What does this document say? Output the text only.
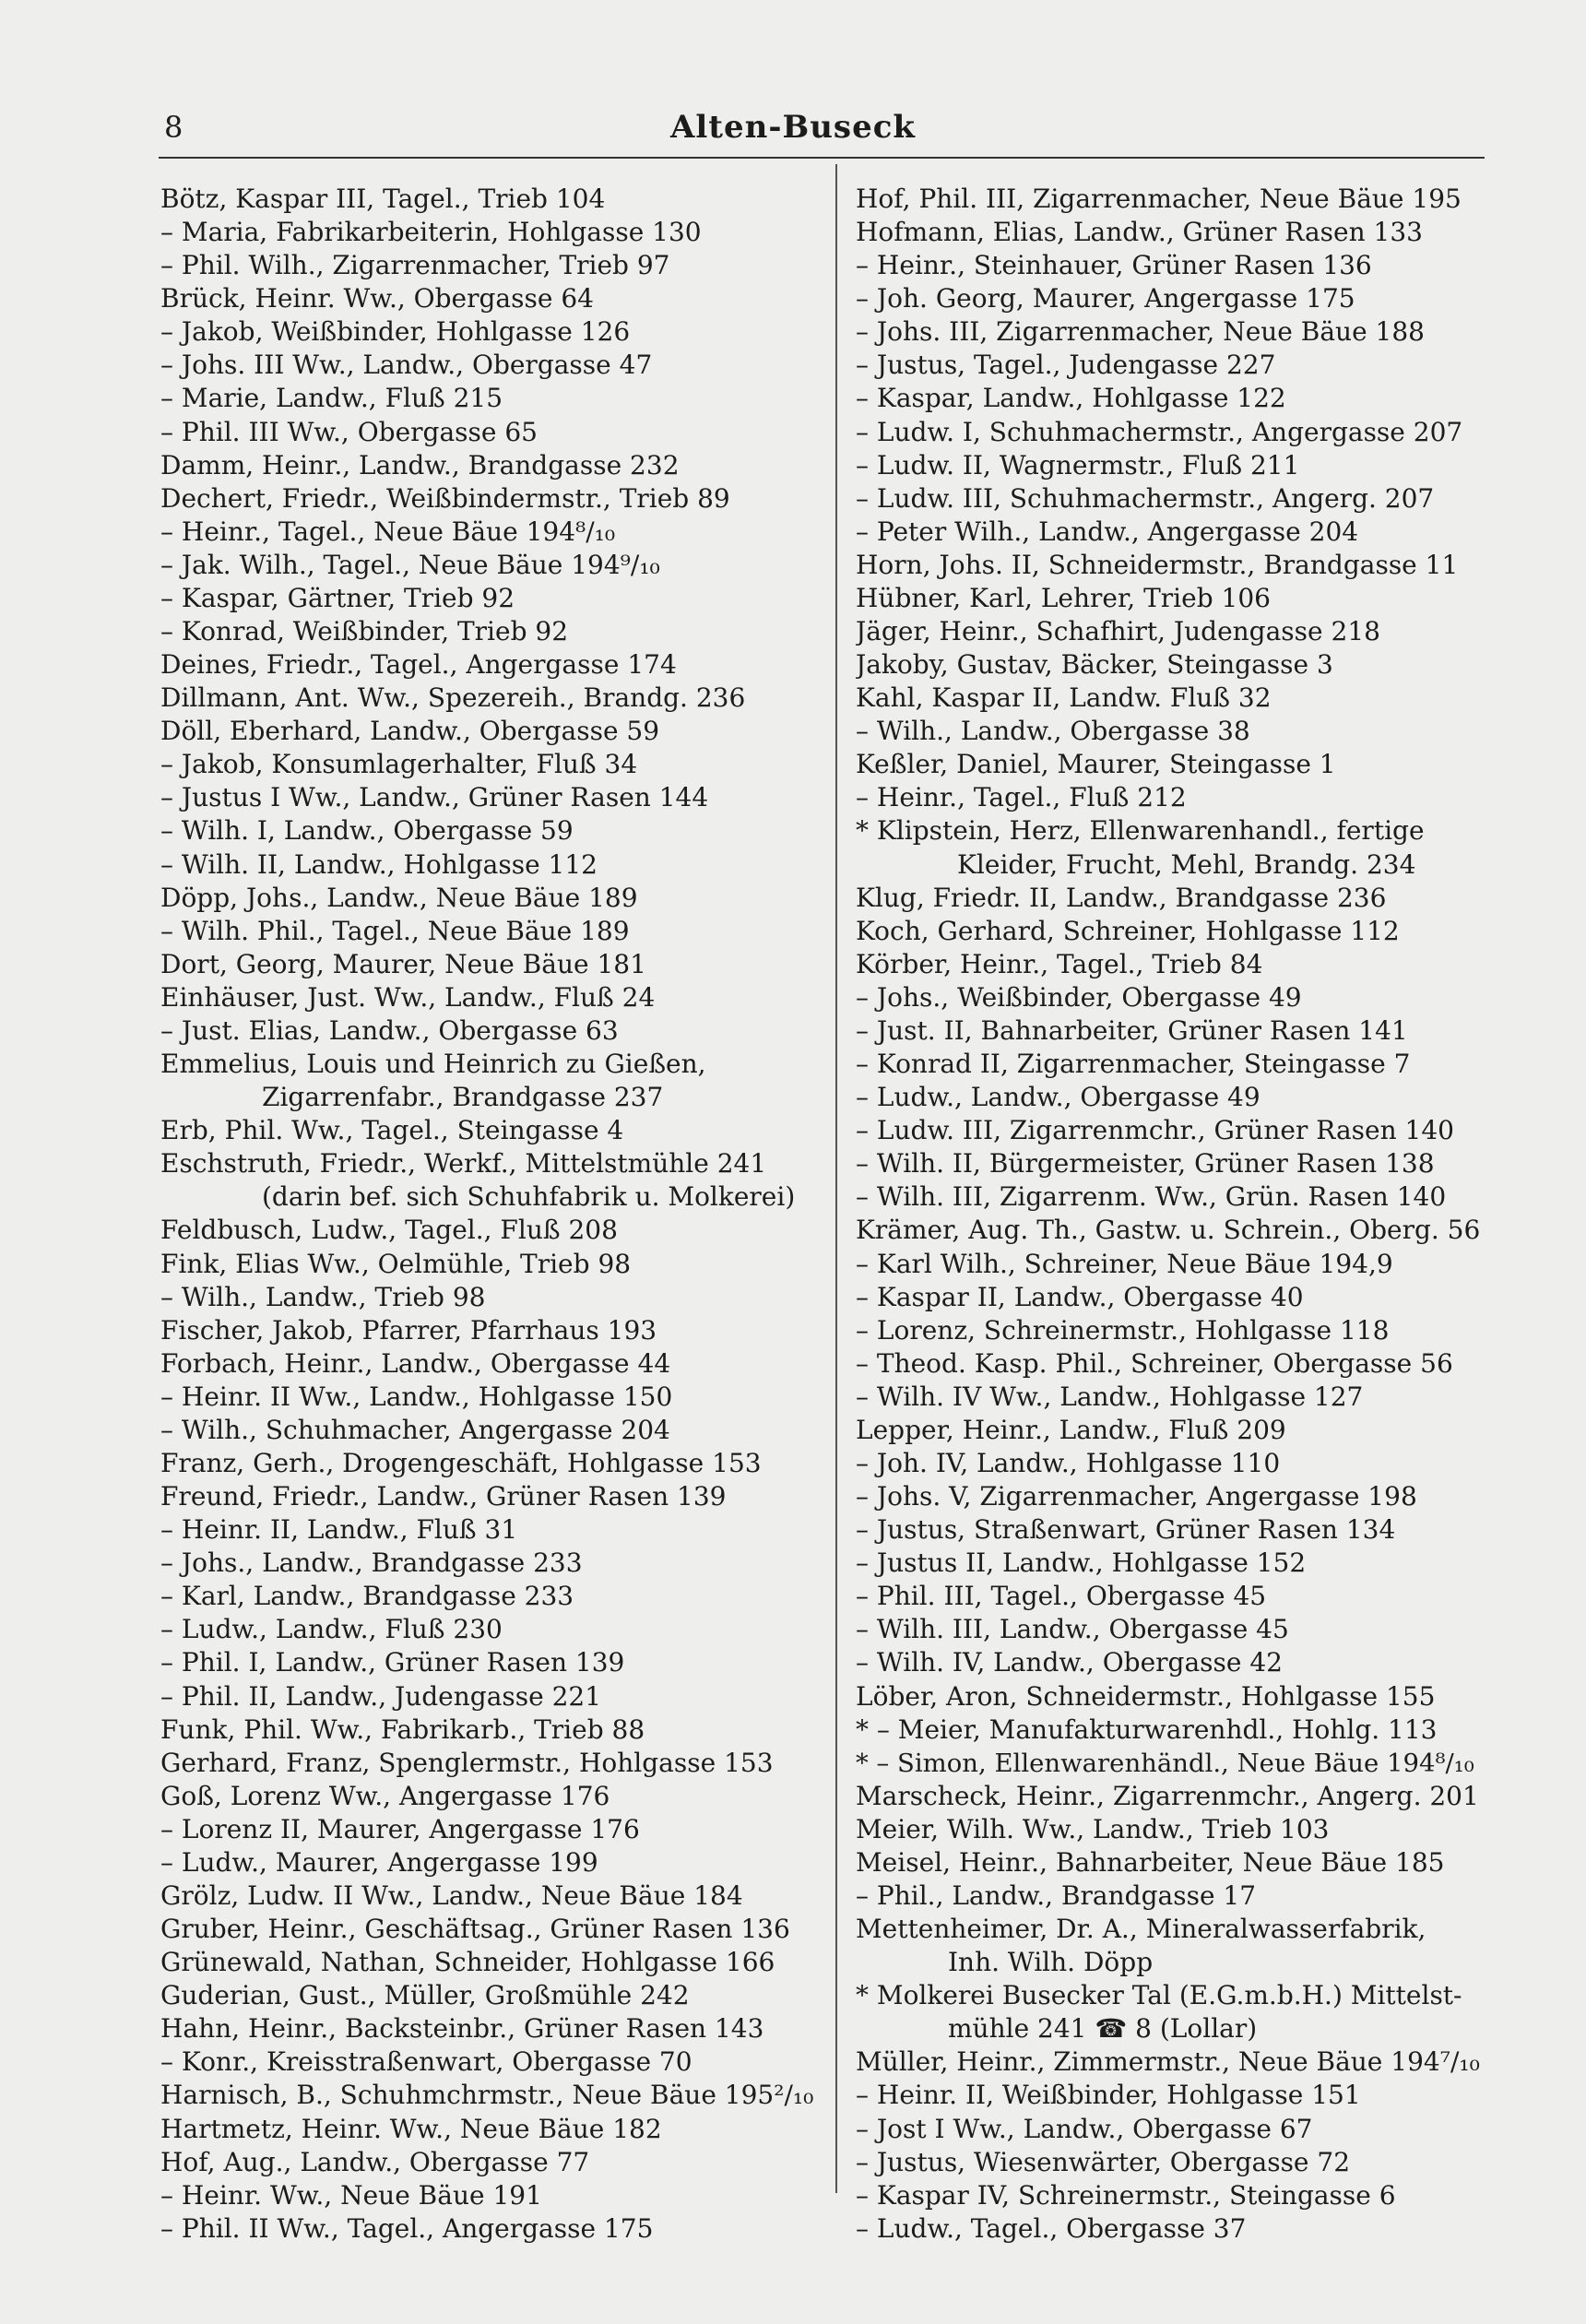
8	Alten-Buseck
Bötz, Kaspar III, Tagel., Trieb 104
– Maria, Fabrikarbeiterin, Hohlgasse 130
– Phil. Wilh., Zigarrenmacher, Trieb 97
Brück, Heinr. Ww., Obergasse 64
– Jakob, Weißbinder, Hohlgasse 126
– Johs. III Ww., Landw., Obergasse 47
– Marie, Landw., Fluß 215
– Phil. III Ww., Obergasse 65
Damm, Heinr., Landw., Brandgasse 232
Dechert, Friedr., Weißbindermstr., Trieb 89
– Heinr., Tagel., Neue Bäue 194⁸/₁₀
– Jak. Wilh., Tagel., Neue Bäue 194⁹/₁₀
– Kaspar, Gärtner, Trieb 92
– Konrad, Weißbinder, Trieb 92
Deines, Friedr., Tagel., Angergasse 174
Dillmann, Ant. Ww., Spezereih., Brandg. 236
Döll, Eberhard, Landw., Obergasse 59
– Jakob, Konsumlagerhalter, Fluß 34
– Justus I Ww., Landw., Grüner Rasen 144
– Wilh. I, Landw., Obergasse 59
– Wilh. II, Landw., Hohlgasse 112
Döpp, Johs., Landw., Neue Bäue 189
– Wilh. Phil., Tagel., Neue Bäue 189
Dort, Georg, Maurer, Neue Bäue 181
Einhäuser, Just. Ww., Landw., Fluß 24
– Just. Elias, Landw., Obergasse 63
Emmelius, Louis und Heinrich zu Gießen,
Zigarrenfabr., Brandgasse 237
Erb, Phil. Ww., Tagel., Steingasse 4
Eschstruth, Friedr., Werkf., Mittelstmühle 241
(darin bef. sich Schuhfabrik u. Molkerei)
Feldbusch, Ludw., Tagel., Fluß 208
Fink, Elias Ww., Oelmühle, Trieb 98
– Wilh., Landw., Trieb 98
Fischer, Jakob, Pfarrer, Pfarrhaus 193
Forbach, Heinr., Landw., Obergasse 44
– Heinr. II Ww., Landw., Hohlgasse 150
– Wilh., Schuhmacher, Angergasse 204
Franz, Gerh., Drogengeschäft, Hohlgasse 153
Freund, Friedr., Landw., Grüner Rasen 139
– Heinr. II, Landw., Fluß 31
– Johs., Landw., Brandgasse 233
– Karl, Landw., Brandgasse 233
– Ludw., Landw., Fluß 230
– Phil. I, Landw., Grüner Rasen 139
– Phil. II, Landw., Judengasse 221
Funk, Phil. Ww., Fabrikarb., Trieb 88
Gerhard, Franz, Spenglermstr., Hohlgasse 153
Goß, Lorenz Ww., Angergasse 176
– Lorenz II, Maurer, Angergasse 176
– Ludw., Maurer, Angergasse 199
Grölz, Ludw. II Ww., Landw., Neue Bäue 184
Gruber, Heinr., Geschäftsag., Grüner Rasen 136
Grünewald, Nathan, Schneider, Hohlgasse 166
Guderian, Gust., Müller, Großmühle 242
Hahn, Heinr., Backsteinbr., Grüner Rasen 143
– Konr., Kreisstraßenwart, Obergasse 70
Harnisch, B., Schuhmchrmstr., Neue Bäue 195²/₁₀
Hartmetz, Heinr. Ww., Neue Bäue 182
Hof, Aug., Landw., Obergasse 77
– Heinr. Ww., Neue Bäue 191
– Phil. II Ww., Tagel., Angergasse 175
Hof, Phil. III, Zigarrenmacher, Neue Bäue 195
Hofmann, Elias, Landw., Grüner Rasen 133
– Heinr., Steinhauer, Grüner Rasen 136
– Joh. Georg, Maurer, Angergasse 175
– Johs. III, Zigarrenmacher, Neue Bäue 188
– Justus, Tagel., Judengasse 227
– Kaspar, Landw., Hohlgasse 122
– Ludw. I, Schuhmachermstr., Angergasse 207
– Ludw. II, Wagnermstr., Fluß 211
– Ludw. III, Schuhmachermstr., Angerg. 207
– Peter Wilh., Landw., Angergasse 204
Horn, Johs. II, Schneidermstr., Brandgasse 11
Hübner, Karl, Lehrer, Trieb 106
Jäger, Heinr., Schafhirt, Judengasse 218
Jakoby, Gustav, Bäcker, Steingasse 3
Kahl, Kaspar II, Landw. Fluß 32
– Wilh., Landw., Obergasse 38
Keßler, Daniel, Maurer, Steingasse 1
– Heinr., Tagel., Fluß 212
* Klipstein, Herz, Ellenwarenhandl., fertige
Kleider, Frucht, Mehl, Brandg. 234
Klug, Friedr. II, Landw., Brandgasse 236
Koch, Gerhard, Schreiner, Hohlgasse 112
Körber, Heinr., Tagel., Trieb 84
– Johs., Weißbinder, Obergasse 49
– Just. II, Bahnarbeiter, Grüner Rasen 141
– Konrad II, Zigarrenmacher, Steingasse 7
– Ludw., Landw., Obergasse 49
– Ludw. III, Zigarrenmchr., Grüner Rasen 140
– Wilh. II, Bürgermeister, Grüner Rasen 138
– Wilh. III, Zigarrenm. Ww., Grün. Rasen 140
Krämer, Aug. Th., Gastw. u. Schrein., Oberg. 56
– Karl Wilh., Schreiner, Neue Bäue 194,9
– Kaspar II, Landw., Obergasse 40
– Lorenz, Schreinermstr., Hohlgasse 118
– Theod. Kasp. Phil., Schreiner, Obergasse 56
– Wilh. IV Ww., Landw., Hohlgasse 127
Lepper, Heinr., Landw., Fluß 209
– Joh. IV, Landw., Hohlgasse 110
– Johs. V, Zigarrenmacher, Angergasse 198
– Justus, Straßenwart, Grüner Rasen 134
– Justus II, Landw., Hohlgasse 152
– Phil. III, Tagel., Obergasse 45
– Wilh. III, Landw., Obergasse 45
– Wilh. IV, Landw., Obergasse 42
Löber, Aron, Schneidermstr., Hohlgasse 155
* – Meier, Manufakturwarenhdl., Hohlg. 113
* – Simon, Ellenwarenhändl., Neue Bäue 194⁸/₁₀
Marscheck, Heinr., Zigarrenmchr., Angerg. 201
Meier, Wilh. Ww., Landw., Trieb 103
Meisel, Heinr., Bahnarbeiter, Neue Bäue 185
– Phil., Landw., Brandgasse 17
Mettenheimer, Dr. A., Mineralwasserfabrik,
Inh. Wilh. Döpp
* Molkerei Busecker Tal (E.G.m.b.H.) Mittelst-
mühle 241 ☎ 8 (Lollar)
Müller, Heinr., Zimmermstr., Neue Bäue 194⁷/₁₀
– Heinr. II, Weißbinder, Hohlgasse 151
– Jost I Ww., Landw., Obergasse 67
– Justus, Wiesenwärter, Obergasse 72
– Kaspar IV, Schreinermstr., Steingasse 6
– Ludw., Tagel., Obergasse 37
